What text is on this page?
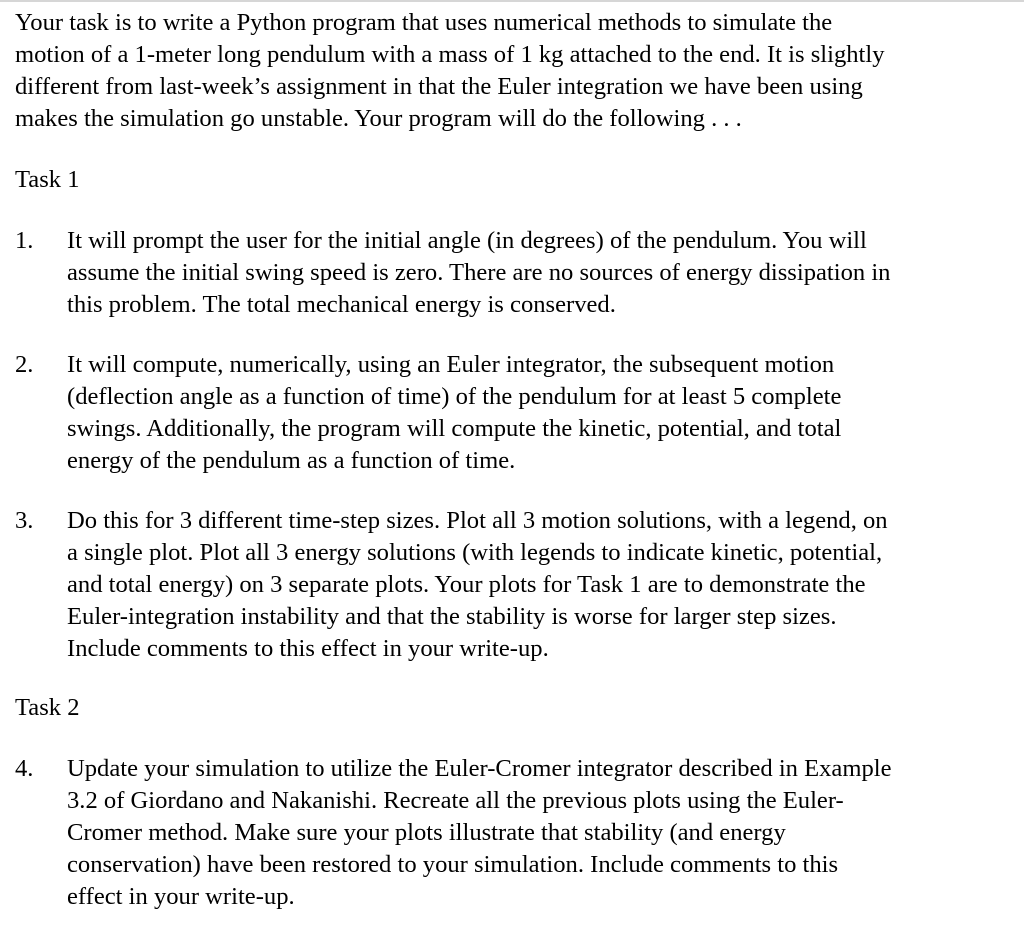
Your task is to write a Python program that uses numerical methods to simulate the
motion of a 1-meter long pendulum with a mass of 1 kg attached to the end. It is slightly
different from last-week’s assignment in that the Euler integration we have been using
makes the simulation go unstable. Your program will do the following . . .
Task 1
1.	It will prompt the user for the initial angle (in degrees) of the pendulum. You will
assume the initial swing speed is zero. There are no sources of energy dissipation in
this problem. The total mechanical energy is conserved.
2.	It will compute, numerically, using an Euler integrator, the subsequent motion
(deflection angle as a function of time) of the pendulum for at least 5 complete
swings. Additionally, the program will compute the kinetic, potential, and total
energy of the pendulum as a function of time.
3.	Do this for 3 different time-step sizes. Plot all 3 motion solutions, with a legend, on
a single plot. Plot all 3 energy solutions (with legends to indicate kinetic, potential,
and total energy) on 3 separate plots. Your plots for Task 1 are to demonstrate the
Euler-integration instability and that the stability is worse for larger step sizes.
Include comments to this effect in your write-up.
Task 2
4.	Update your simulation to utilize the Euler-Cromer integrator described in Example
3.2 of Giordano and Nakanishi. Recreate all the previous plots using the Euler-
Cromer method. Make sure your plots illustrate that stability (and energy
conservation) have been restored to your simulation. Include comments to this
effect in your write-up.
